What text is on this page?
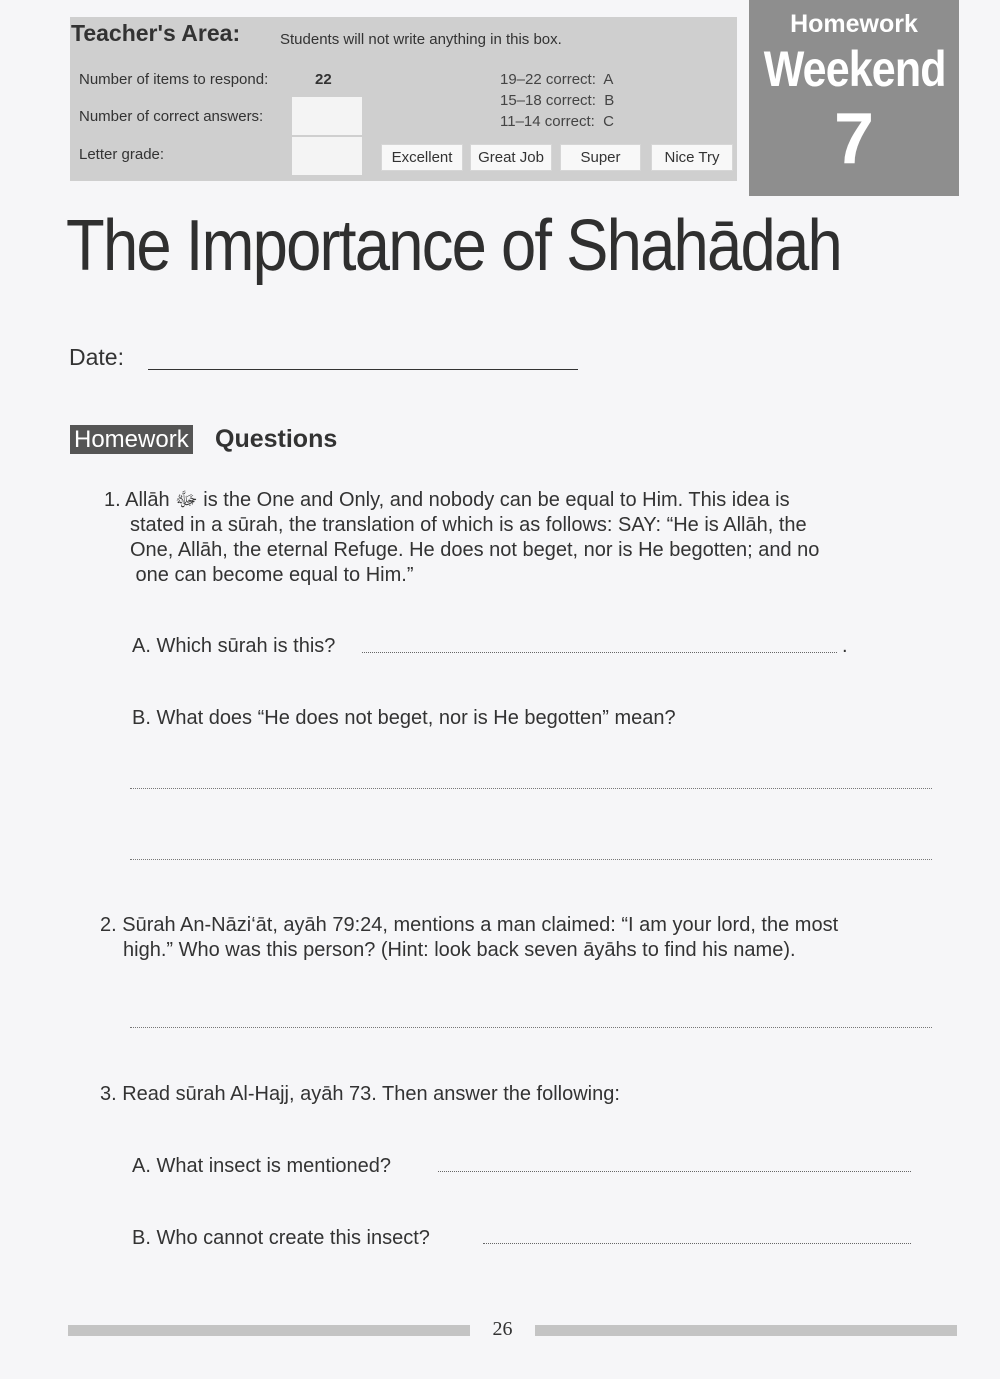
Teacher's Area:	Students will not write anything in this box.
Number of items to respond:	22
Number of correct answers:
Letter grade:
19–22 correct:  A
15–18 correct:  B
11–14 correct:  C
Excellent	Great Job	Super	Nice Try
Homework
Weekend
7
The Importance of Shahādah
Date:
Homework Questions
1. Allāh ﷻ is the One and Only, and nobody can be equal to Him. This idea is
stated in a sūrah, the translation of which is as follows: SAY: “He is Allāh, the
One, Allāh, the eternal Refuge. He does not beget, nor is He begotten; and no
one can become equal to Him.”
A. Which sūrah is this?	.
B. What does “He does not beget, nor is He begotten” mean?
2. Sūrah An-Nāzi‘āt, ayāh 79:24, mentions a man claimed: “I am your lord, the most
high.” Who was this person? (Hint: look back seven āyāhs to find his name).
3. Read sūrah Al-Hajj, ayāh 73. Then answer the following:
A. What insect is mentioned?
B. Who cannot create this insect?
26
